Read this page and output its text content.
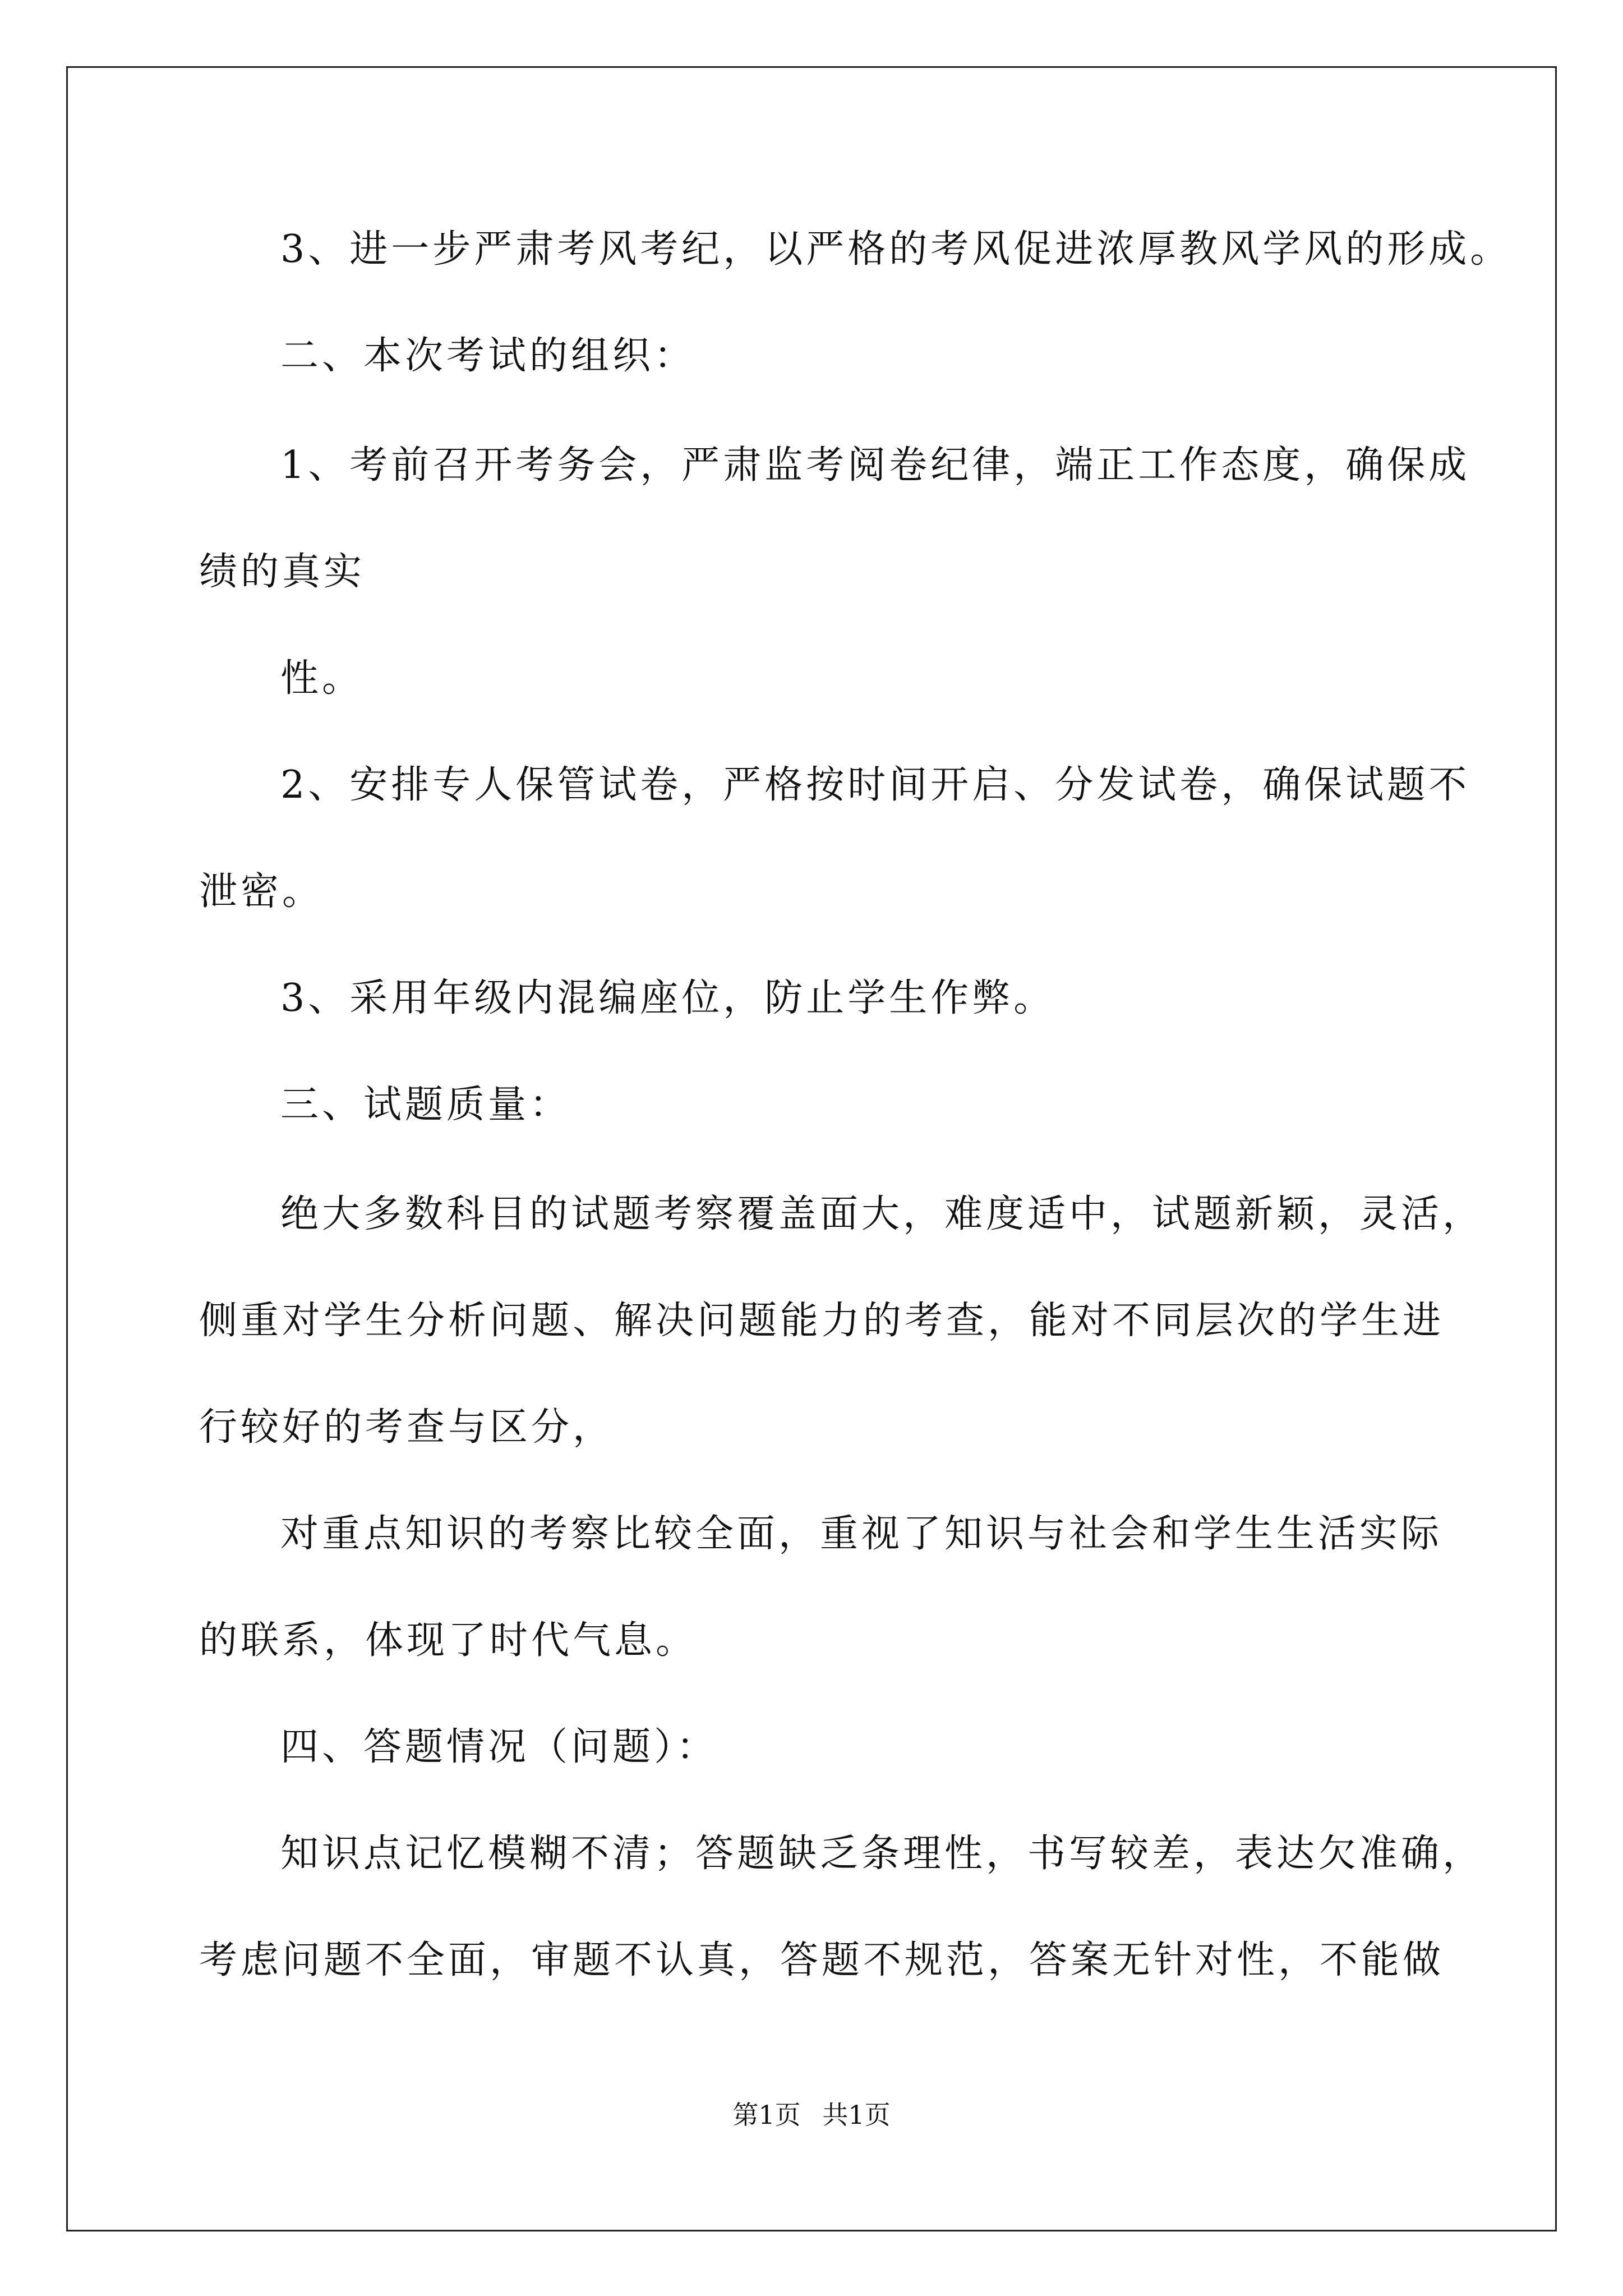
3、进一步严肃考风考纪，以严格的考风促进浓厚教风学风的形成。
二、本次考试的组织：
1、考前召开考务会，严肃监考阅卷纪律，端正工作态度，确保成
绩的真实
性。
2、安排专人保管试卷，严格按时间开启、分发试卷，确保试题不
泄密。
3、采用年级内混编座位，防止学生作弊。
三、试题质量：
绝大多数科目的试题考察覆盖面大，难度适中，试题新颖，灵活，
侧重对学生分析问题、解决问题能力的考查，能对不同层次的学生进
行较好的考查与区分，
对重点知识的考察比较全面，重视了知识与社会和学生生活实际
的联系，体现了时代气息。
四、答题情况（问题）：
知识点记忆模糊不清；答题缺乏条理性，书写较差，表达欠准确，
考虑问题不全面，审题不认真，答题不规范，答案无针对性，不能做
第1页 共1页
